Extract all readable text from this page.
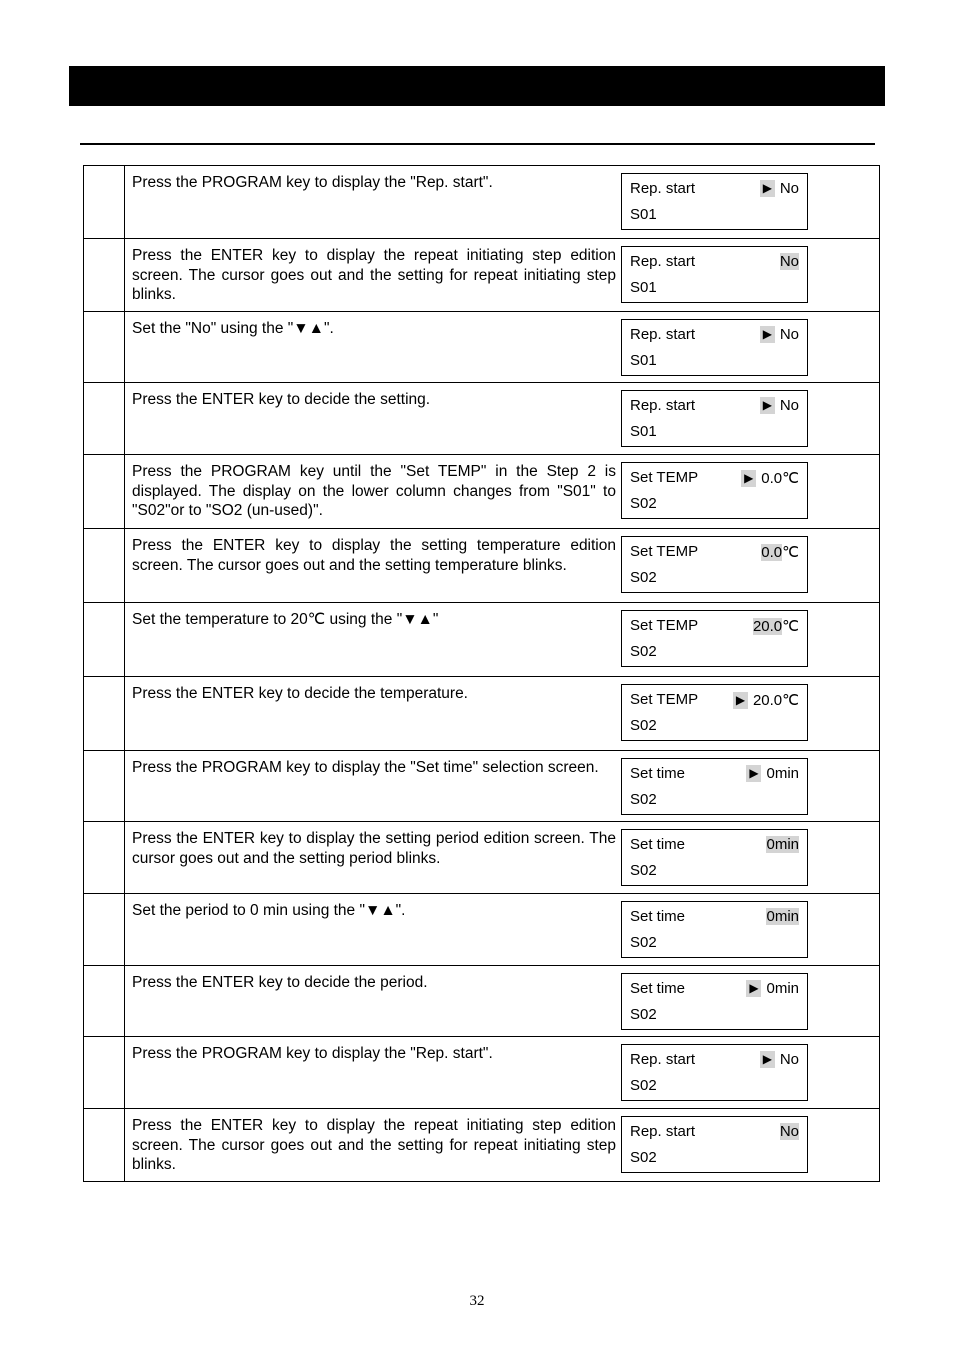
Press the PROGRAM key to display the "Rep. start".	Rep. start	▶ No
S01
Press the ENTER key to display the repeat initiating step edition screen. The cursor goes out and the setting for repeat initiating step blinks.
Rep. start	No
S01
Set the "No" using the "▼▲".	Rep. start	▶ No
S01
Press the ENTER key to decide the setting.	Rep. start	▶ No
S01
Press the PROGRAM key until the "Set TEMP" in the Step 2 is displayed. The display on the lower column changes from "S01" to "S02"or to "SO2 (un-used)".
Set TEMP	▶ 0.0℃
S02
Press the ENTER key to display the setting temperature edition screen. The cursor goes out and the setting temperature blinks.
Set TEMP	0.0 ℃
S02
Set the temperature to 20℃ using the "▼▲"	Set TEMP	20.0 ℃
S02
Press the ENTER key to decide the temperature.	Set TEMP	▶ 20.0℃
S02
Press the PROGRAM key to display the "Set time" selection screen.	Set time	▶ 0min
S02
Press the ENTER key to display the setting period edition screen. The cursor goes out and the setting period blinks.
Set time	0min
S02
Set the period to 0 min using the "▼▲".	Set time	0min
S02
Press the ENTER key to decide the period.	Set time	▶ 0min
S02
Press the PROGRAM key to display the "Rep. start".	Rep. start	▶ No
S02
Press the ENTER key to display the repeat initiating step edition screen. The cursor goes out and the setting for repeat initiating step blinks.
Rep. start	No
S02
32
